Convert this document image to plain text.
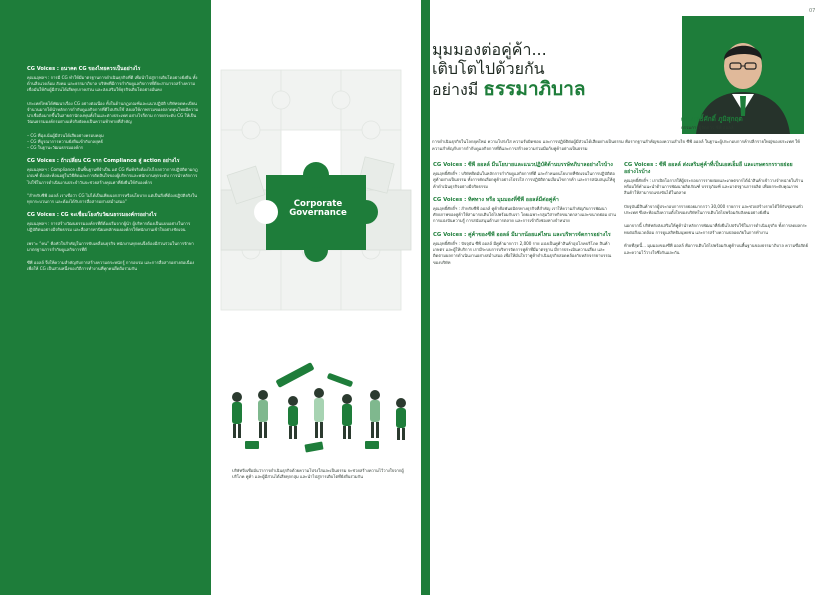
CG Voices : อนาคต CG ของไทยควรเป็นอย่างไร
คุณนฤพลฯ : การมี CG ทำให้มีมาตรฐานการดำเนินธุรกิจที่ดี เพื่อนำไปสู่การเติบโตอย่างยั่งยืน ทั้งด้านสิ่งแวดล้อม สังคม และธรรมาภิบาล บริษัทที่มีการกำกับดูแลกิจการที่ดีจะสามารถสร้างความเชื่อมั่นให้กับผู้มีส่วนได้เสียทุกภาคส่วน และส่งเสริมให้ธุรกิจเติบโตอย่างมั่นคง
ประเทศไทยได้พัฒนาเรื่อง CG อย่างต่อเนื่อง ทั้งในด้านกฎเกณฑ์และแนวปฏิบัติ บริษัทจดทะเบียนจำนวนมากได้นำหลักการกำกับดูแลกิจการที่ดีไปปรับใช้ ส่งผลให้ภาพรวมของตลาดทุนไทยมีความน่าเชื่อถือมากขึ้นในสายตานักลงทุนทั้งในและต่างประเทศ อย่างไรก็ตาม การยกระดับ CG ให้เป็นวัฒนธรรมองค์กรอย่างแท้จริงยังคงเป็นความท้าทายที่สำคัญ
– CG ที่มุ่งเน้นผู้มีส่วนได้เสียอย่างครอบคลุม
– CG ที่บูรณาการความยั่งยืนเข้ากับกลยุทธ์
– CG ในฐานะวัฒนธรรมองค์กร
CG Voices : ถ้าเปลี่ยน CG จาก Compliance สู่ action อย่างไร
คุณนฤพลฯ : Compliance เป็นพื้นฐานที่จำเป็น แต่ CG ที่แท้จริงต้องไปไกลกว่าการปฏิบัติตามกฎเกณฑ์ ต้องสะท้อนอยู่ในวิธีคิดและการตัดสินใจของผู้บริหารและพนักงานทุกระดับ การนำหลักการไปใช้ในการดำเนินงานประจำวันจะช่วยสร้างคุณค่าที่ยั่งยืนให้กับองค์กร
“สำหรับซีพี ออลล์ เราเชื่อว่า CG ไม่ได้เป็นเพียงเอกสารหรือนโยบาย แต่เป็นสิ่งที่ต้องปฏิบัติจริงในทุกกระบวนการ และต้องได้รับการสื่อสารอย่างสม่ำเสมอ”
CG Voices : CG จะเชื่อมโยงกับวัฒนธรรมองค์กรอย่างไร
คุณนฤพลฯ : การสร้างวัฒนธรรมองค์กรที่ดีต้องเริ่มจากผู้นำ ผู้บริหารต้องเป็นแบบอย่างในการปฏิบัติตนอย่างมีจริยธรรม และสื่อสารค่านิยมหลักขององค์กรให้พนักงานเข้าใจอย่างชัดเจน
เพราะ “คน” คือหัวใจสำคัญในการขับเคลื่อนธุรกิจ พนักงานทุกคนจึงต้องมีส่วนร่วมในการรักษามาตรฐานการกำกับดูแลกิจการที่ดี
ซีพี ออลล์ จึงให้ความสำคัญกับการสร้างความตระหนักรู้ การอบรม และการสื่อสารอย่างต่อเนื่อง เพื่อให้ CG เป็นส่วนหนึ่งของวิถีการทำงานที่ทุกคนยึดถือร่วมกัน
07
Corporate
Governance
บริษัทจึงเชื่อมั่นว่าการดำเนินธุรกิจด้วยความโปร่งใสและเป็นธรรม จะช่วยสร้างความไว้วางใจจากผู้บริโภค คู่ค้า และผู้มีส่วนได้เสียทุกกลุ่ม และนำไปสู่การเติบโตที่ยั่งยืนร่วมกัน
มุมมองต่อคู่ค้า...
เติบโตไปด้วยกัน
อย่างมี ธรรมาภิบาล
คุณฤทธิ์ศักดิ์ ภูมิสุกฤต
กรรมการผู้จัดการ ซีพี ออลล์
การดำเนินธุรกิจในโลกยุคใหม่ ความโปร่งใส ความรับผิดชอบ และการปฏิบัติต่อผู้มีส่วนได้เสียอย่างเป็นธรรม คือรากฐานสำคัญของความสำเร็จ ซีพี ออลล์ ในฐานะผู้ประกอบการค้าปลีกรายใหญ่ของประเทศ ให้ความสำคัญกับการกำกับดูแลกิจการที่ดีและการสร้างความร่วมมือกับคู่ค้าอย่างเป็นธรรม
CG Voices : ซีพี ออลล์ มีนโยบายและแนวปฏิบัติด้านบรรษัทภิบาลอย่างไรบ้าง
คุณฤทธิ์ศักดิ์ฯ : บริษัทยึดมั่นในหลักการกำกับดูแลกิจการที่ดี และกำหนดนโยบายที่ชัดเจนในการปฏิบัติต่อคู่ค้าอย่างเป็นธรรม ทั้งการคัดเลือกคู่ค้าอย่างโปร่งใส การปฏิบัติตามเงื่อนไขการค้า และการสนับสนุนให้คู่ค้าดำเนินธุรกิจอย่างมีจริยธรรม
CG Voices : ทิศทาง หรือ มุมมองที่ซีพี ออลล์มีต่อคู่ค้า
คุณฤทธิ์ศักดิ์ฯ : สำหรับซีพี ออลล์ คู่ค้าคือพันธมิตรทางธุรกิจที่สำคัญ เราให้ความสำคัญกับการพัฒนาศักยภาพของคู่ค้าให้สามารถเติบโตไปพร้อมกับเรา โดยเฉพาะกลุ่มวิสาหกิจขนาดกลางและขนาดย่อม ผ่านการแบ่งปันความรู้ การสนับสนุนด้านการตลาด และการเข้าถึงช่องทางจำหน่าย
CG Voices : คู่ค้าของซีพี ออลล์ มีมากน้อยแค่ไหน และบริหารจัดการอย่างไร
คุณฤทธิ์ศักดิ์ฯ : ปัจจุบัน ซีพี ออลล์ มีคู่ค้ามากกว่า 2,000 ราย แบ่งเป็นคู่ค้าสินค้าอุปโภคบริโภค สินค้าเกษตร และผู้ให้บริการ เรามีระบบการบริหารจัดการคู่ค้าที่มีมาตรฐาน มีการประเมินความเสี่ยง และติดตามผลการดำเนินงานอย่างสม่ำเสมอ เพื่อให้มั่นใจว่าคู่ค้าดำเนินธุรกิจสอดคล้องกับหลักจรรยาบรรณของบริษัท
CG Voices : ซีพี ออลล์ ส่งเสริมคู่ค้าที่เป็นเอสเอ็มอี และเกษตรกรรายย่อยอย่างไรบ้าง
คุณฤทธิ์ศักดิ์ฯ : เราเปิดโอกาสให้ผู้ประกอบการรายย่อยและเกษตรกรได้นำสินค้าเข้าวางจำหน่ายในร้าน พร้อมให้คำแนะนำด้านการพัฒนาผลิตภัณฑ์ บรรจุภัณฑ์ และมาตรฐานการผลิต เพื่อยกระดับคุณภาพสินค้าให้สามารถแข่งขันได้ในตลาด
ปัจจุบันมีสินค้าจากผู้ประกอบการรายย่อยมากกว่า 30,000 รายการ และช่วยสร้างรายได้ให้กับชุมชนทั่วประเทศ ซึ่งสะท้อนถึงความตั้งใจของบริษัทในการเติบโตไปพร้อมกับสังคมอย่างยั่งยืน
นอกจากนี้ บริษัทยังส่งเสริมให้คู่ค้านำหลักการพัฒนาที่ยั่งยืนไปปรับใช้ในการดำเนินธุรกิจ ทั้งการลดผลกระทบต่อสิ่งแวดล้อม การดูแลสิทธิมนุษยชน และการสร้างความปลอดภัยในการทำงาน
ท้ายที่สุดนี้... มุมมองของซีพี ออลล์ คือการเติบโตไปพร้อมกับคู่ค้าบนพื้นฐานของธรรมาภิบาล ความซื่อสัตย์ และความไว้วางใจซึ่งกันและกัน
